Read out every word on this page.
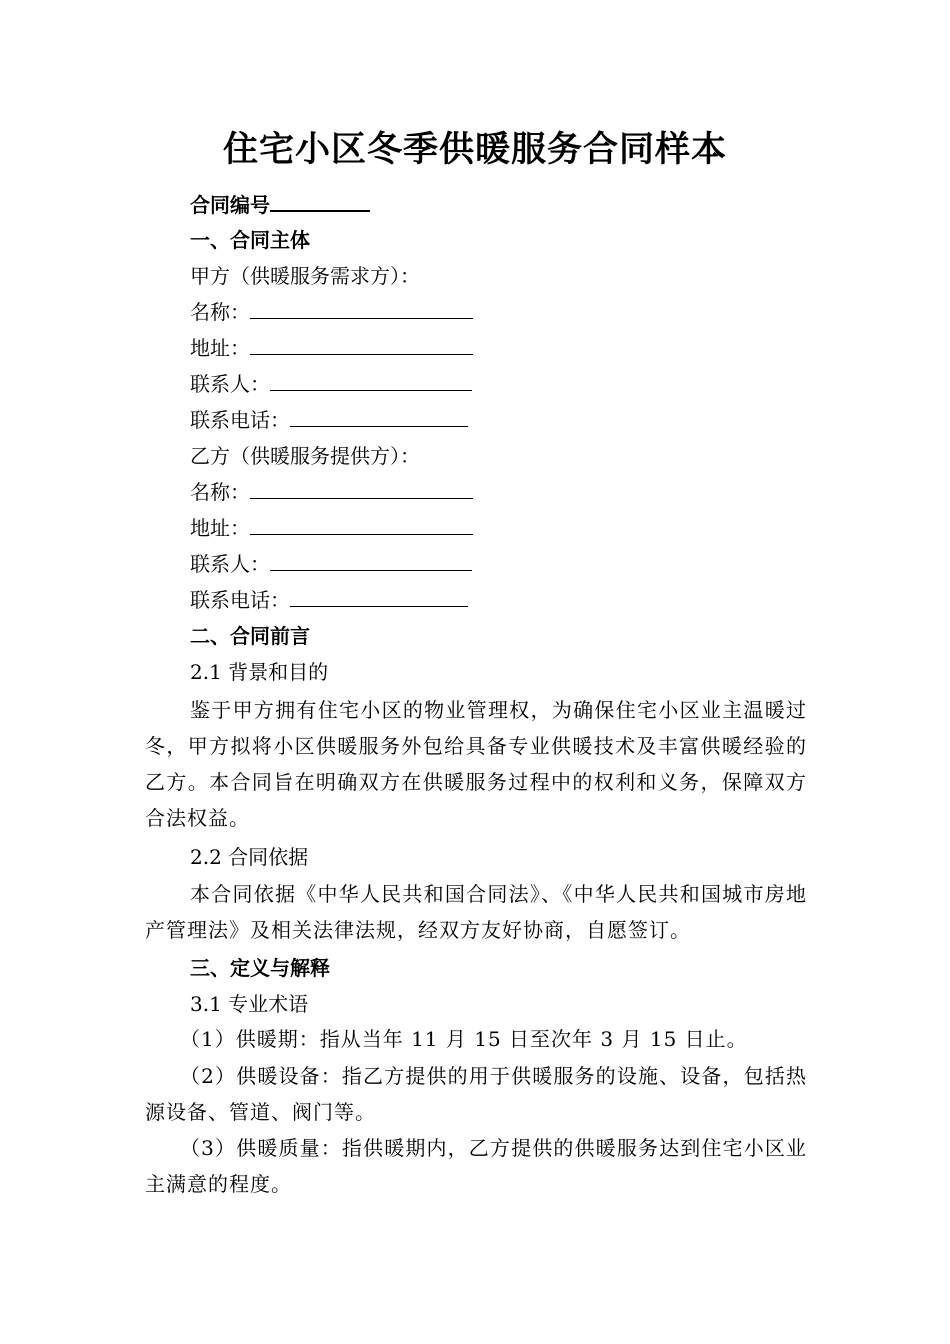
住宅小区冬季供暖服务合同样本
合同编号
一、合同主体
甲方（供暖服务需求方）：
名称：
地址：
联系人：
联系电话：
乙方（供暖服务提供方）：
名称：
地址：
联系人：
联系电话：
二、合同前言
2.1 背景和目的
鉴于甲方拥有住宅小区的物业管理权，为确保住宅小区业主温暖过冬，甲方拟将小区供暖服务外包给具备专业供暖技术及丰富供暖经验的乙方。本合同旨在明确双方在供暖服务过程中的权利和义务，保障双方合法权益。
2.2 合同依据
本合同依据《中华人民共和国合同法》、《中华人民共和国城市房地产管理法》及相关法律法规，经双方友好协商，自愿签订。
三、定义与解释
3.1 专业术语
（1）供暖期：指从当年 11 月 15 日至次年 3 月 15 日止。
（2）供暖设备：指乙方提供的用于供暖服务的设施、设备，包括热源设备、管道、阀门等。
（3）供暖质量：指供暖期内，乙方提供的供暖服务达到住宅小区业主满意的程度。
